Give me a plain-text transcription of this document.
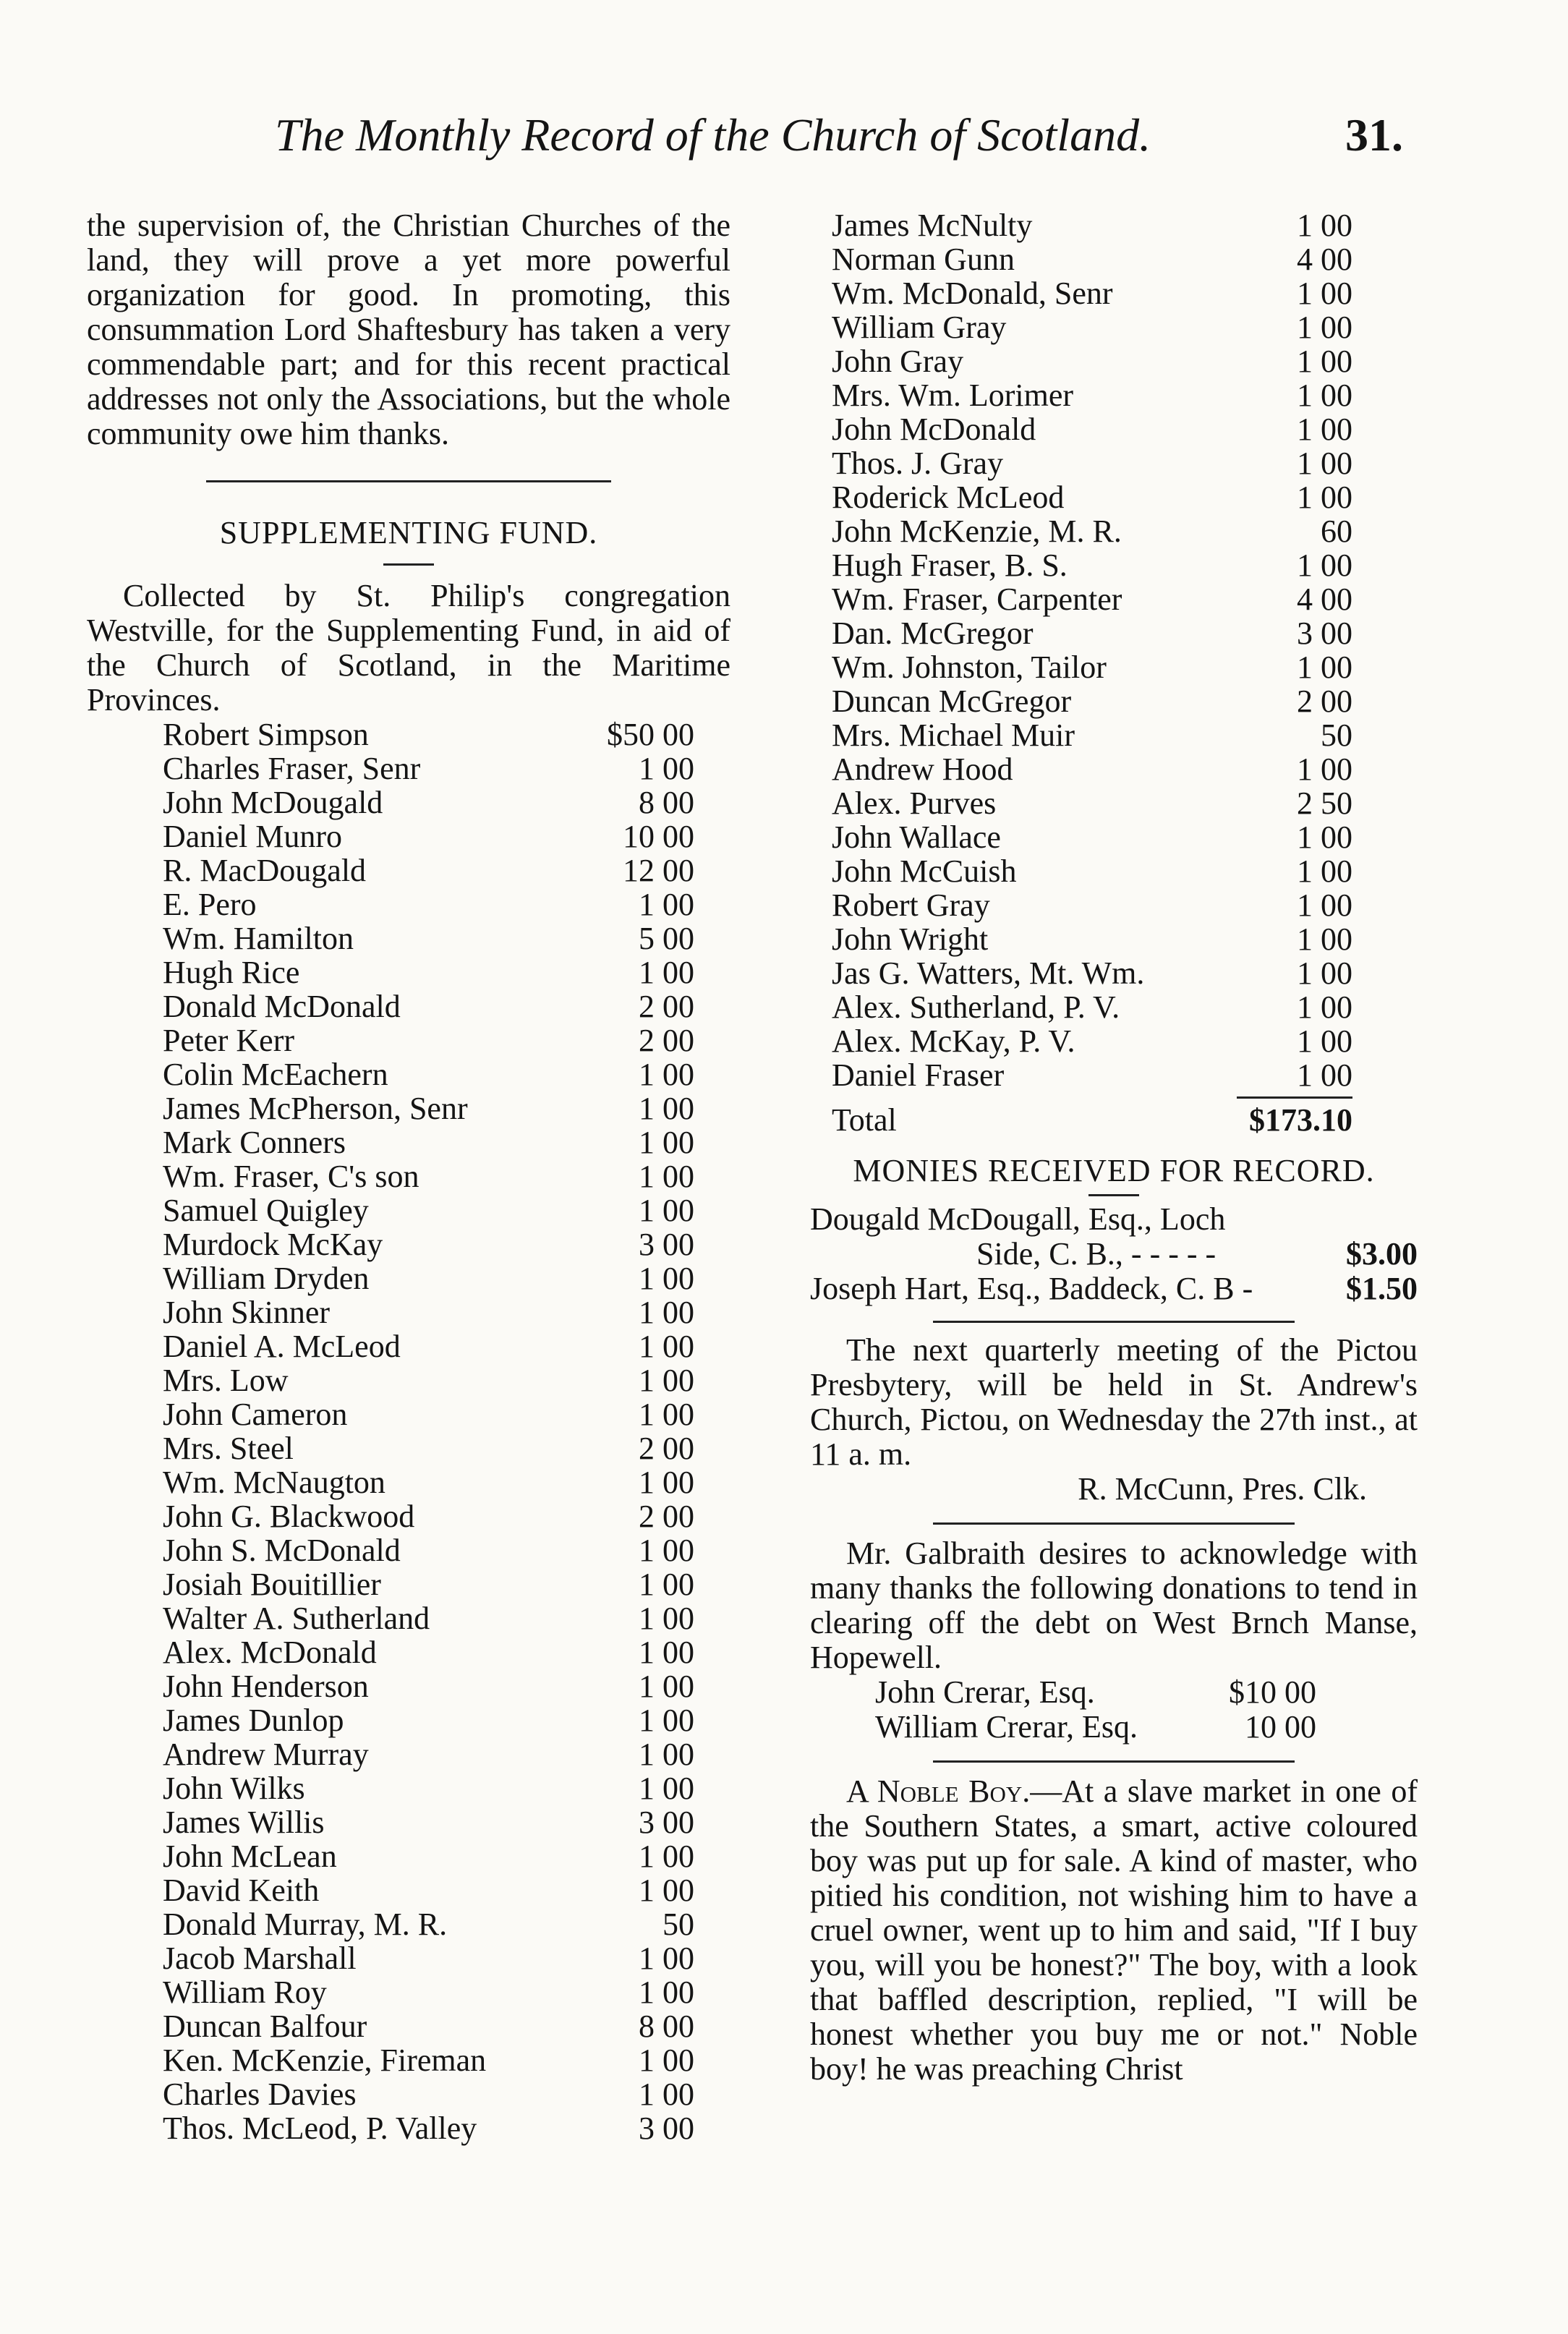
The Monthly Record of the Church of Scotland.	31.

the supervision of, the Christian Churches of the land, they will prove a yet more powerful organization for good. In promoting, this consummation Lord Shaftesbury has taken a very commendable part; and for this recent practical addresses not only the Associations, but the whole community owe him thanks.

SUPPLEMENTING FUND.

Collected by St. Philip's congregation Westville, for the Supplementing Fund, in aid of the Church of Scotland, in the Maritime Provinces.

Robert Simpson	$50 00
Charles Fraser, Senr	1 00
John McDougald	8 00
Daniel Munro	10 00
R. MacDougald	12 00
E. Pero	1 00
Wm. Hamilton	5 00
Hugh Rice	1 00
Donald McDonald	2 00
Peter Kerr	2 00
Colin McEachern	1 00
James McPherson, Senr	1 00
Mark Conners	1 00
Wm. Fraser, C's son	1 00
Samuel Quigley	1 00
Murdock McKay	3 00
William Dryden	1 00
John Skinner	1 00
Daniel A. McLeod	1 00
Mrs. Low	1 00
John Cameron	1 00
Mrs. Steel	2 00
Wm. McNaugton	1 00
John G. Blackwood	2 00
John S. McDonald	1 00
Josiah Bouitillier	1 00
Walter A. Sutherland	1 00
Alex. McDonald	1 00
John Henderson	1 00
James Dunlop	1 00
Andrew Murray	1 00
John Wilks	1 00
James Willis	3 00
John McLean	1 00
David Keith	1 00
Donald Murray, M. R.	50
Jacob Marshall	1 00
William Roy	1 00
Duncan Balfour	8 00
Ken. McKenzie, Fireman	1 00
Charles Davies	1 00
Thos. McLeod, P. Valley	3 00
James McNulty	1 00
Norman Gunn	4 00
Wm. McDonald, Senr	1 00
William Gray	1 00
John Gray	1 00
Mrs. Wm. Lorimer	1 00
John McDonald	1 00
Thos. J. Gray	1 00
Roderick McLeod	1 00
John McKenzie, M. R.	60
Hugh Fraser, B. S.	1 00
Wm. Fraser, Carpenter	4 00
Dan. McGregor	3 00
Wm. Johnston, Tailor	1 00
Duncan McGregor	2 00
Mrs. Michael Muir	50
Andrew Hood	1 00
Alex. Purves	2 50
John Wallace	1 00
John McCuish	1 00
Robert Gray	1 00
John Wright	1 00
Jas G. Watters, Mt. Wm.	1 00
Alex. Sutherland, P. V.	1 00
Alex. McKay, P. V.	1 00
Daniel Fraser	1 00
Total	$173.10

MONIES RECEIVED FOR RECORD.

Dougald McDougall, Esq., Loch
Side, C. B., - - - - -	$3.00
Joseph Hart, Esq., Baddeck, C. B -	$1.50

The next quarterly meeting of the Pictou Presbytery, will be held in St. Andrew's Church, Pictou, on Wednesday the 27th inst., at 11 a. m.

R. McCunn, Pres. Clk.

Mr. Galbraith desires to acknowledge with many thanks the following donations to tend in clearing off the debt on West Brnch Manse, Hopewell.

John Crerar, Esq.	$10 00
William Crerar, Esq.	10 00

A Noble Boy.—At a slave market in one of the Southern States, a smart, active coloured boy was put up for sale. A kind of master, who pitied his condition, not wishing him to have a cruel owner, went up to him and said, "If I buy you, will you be honest?" The boy, with a look that baffled description, replied, "I will be honest whether you buy me or not." Noble boy! he was preaching Christ
